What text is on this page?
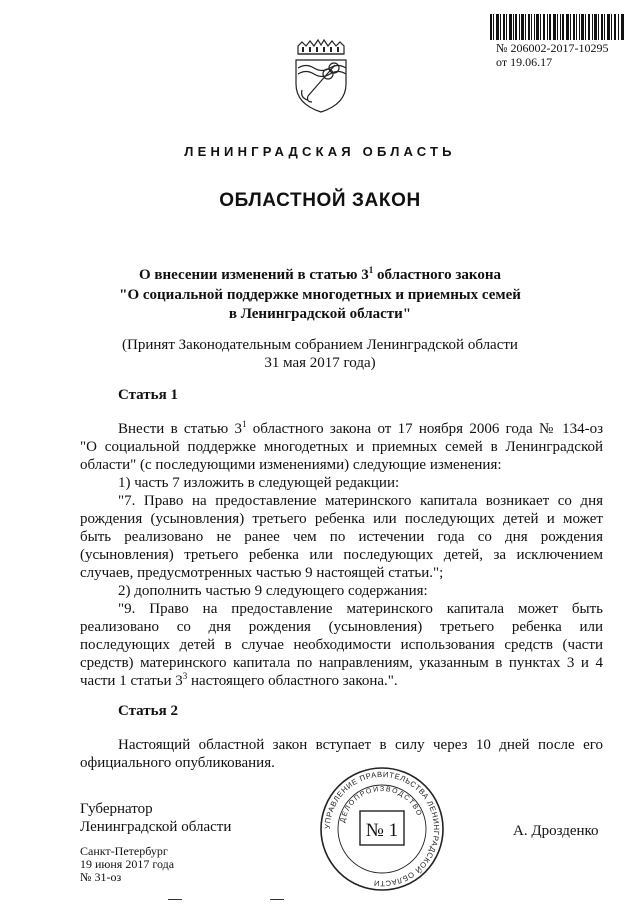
№ 206002-2017-10295
от 19.06.17
ЛЕНИНГРАДСКАЯ ОБЛАСТЬ
ОБЛАСТНОЙ ЗАКОН
О внесении изменений в статью $3^1$ областного закона
"О социальной поддержке многодетных и приемных семей
в Ленинградской области"
(Принят Законодательным собранием Ленинградской области
31 мая 2017 года)
Статья 1
Внести в статью $3^1$ областного закона от 17 ноября 2006 года № 134-оз
"О социальной поддержке многодетных и приемных семей в Ленинградской
области" (с последующими изменениями) следующие изменения:
1) часть 7 изложить в следующей редакции:
"7. Право на предоставление материнского капитала возникает со дня
рождения (усыновления) третьего ребенка или последующих детей и может
быть реализовано не ранее чем по истечении года со дня рождения
(усыновления) третьего ребенка или последующих детей, за исключением
случаев, предусмотренных частью 9 настоящей статьи.";
2) дополнить частью 9 следующего содержания:
"9. Право на предоставление материнского капитала может быть
реализовано со дня рождения (усыновления) третьего ребенка или
последующих детей в случае необходимости использования средств (части
средств) материнского капитала по направлениям, указанным в пунктах 3 и 4
части 1 статьи $3^3$ настоящего областного закона.".
Статья 2
Настоящий областной закон вступает в силу через 10 дней после его
официального опубликования.
Губернатор
Ленинградской области	А. Дрозденко
Санкт-Петербург
19 июня 2017 года
№ 31-оз
УПРАВЛЕНИЕ ПРАВИТЕЛЬСТВА ЛЕНИНГРАДСКОЙ ОБЛАСТИ
ДЕЛОПРОИЗВОДСТВО
№ 1
